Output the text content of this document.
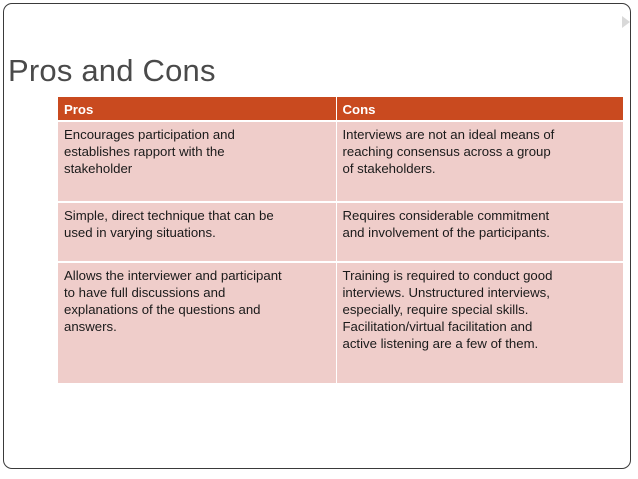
Pros and Cons
Pros	Cons

Encourages participation and
establishes rapport with the
stakeholder	Interviews are not an ideal means of
reaching consensus across a group
of stakeholders.

Simple, direct technique that can be
used in varying situations.	Requires considerable commitment
and involvement of the participants.

Allows the interviewer and participant
to have full discussions and
explanations of the questions and
answers.	Training is required to conduct good
interviews. Unstructured interviews,
especially, require special skills.
Facilitation/virtual facilitation and
active listening are a few of them.
